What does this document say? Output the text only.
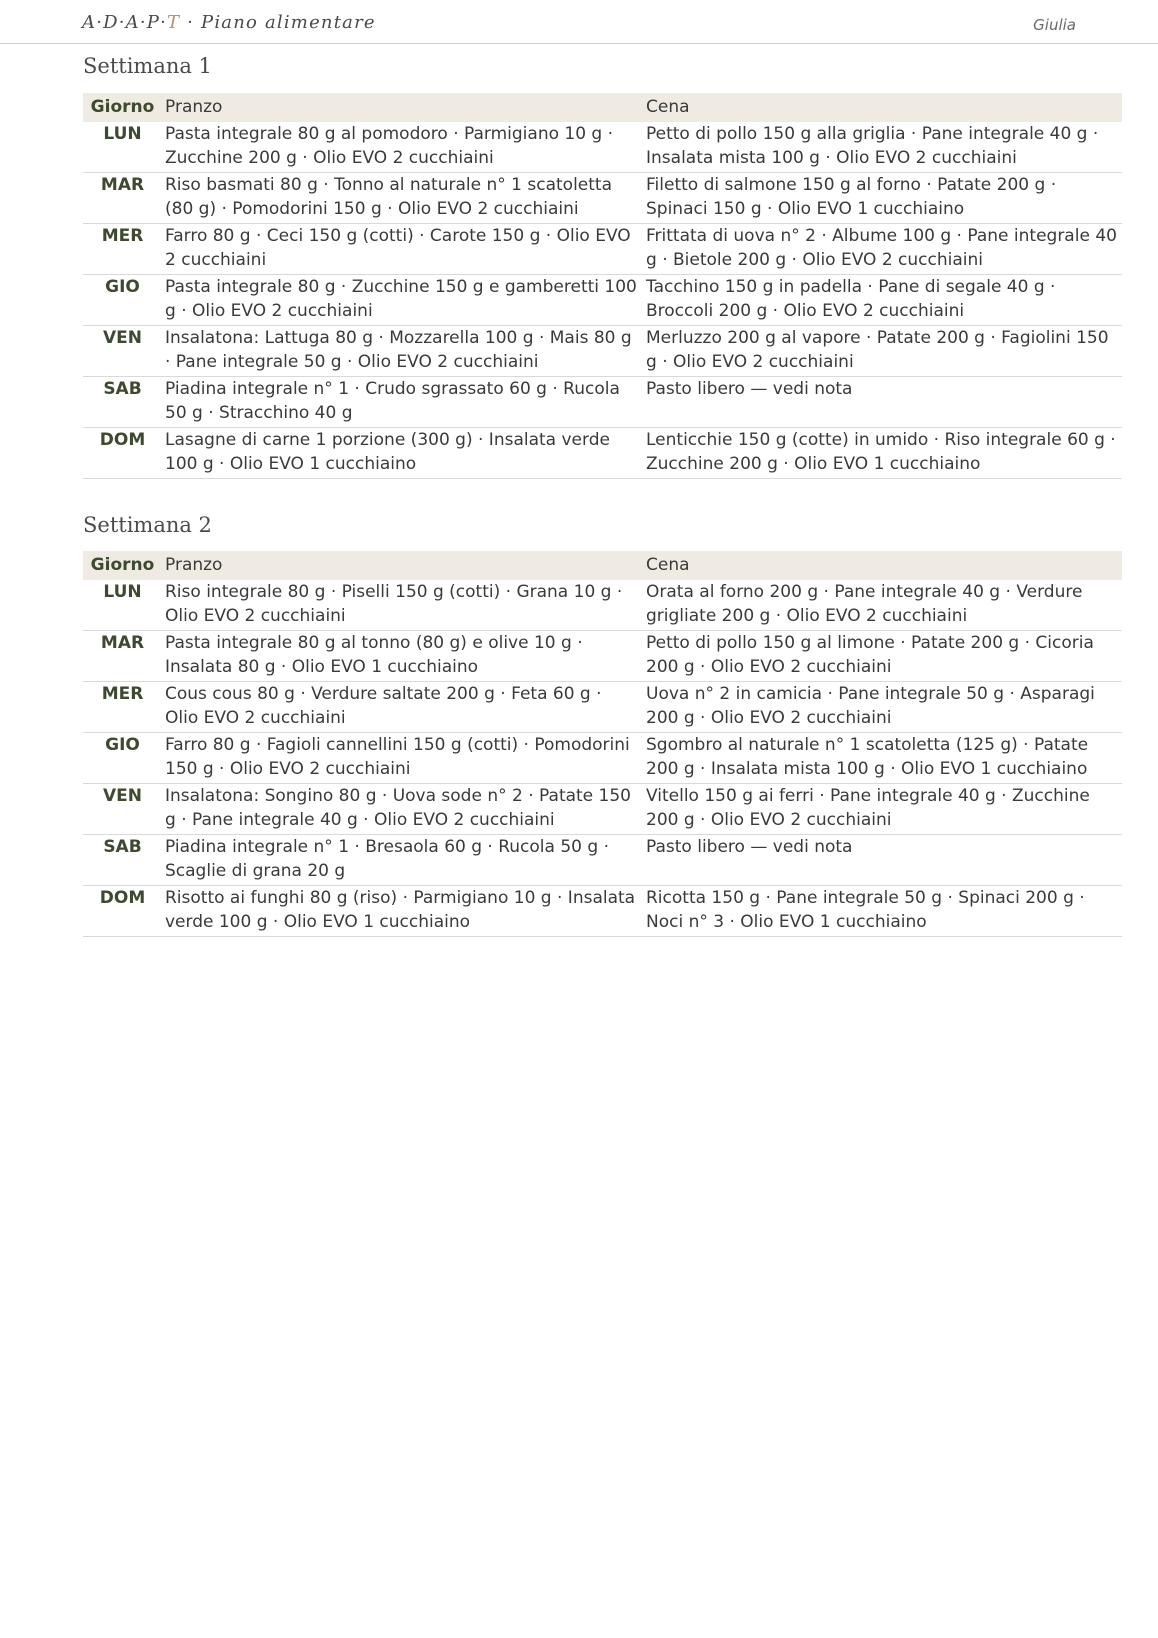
A·D·A·P·T · Piano alimentare	Giulia
Settimana 1
Giorno	Pranzo	Cena
LUN	Pasta integrale 80 g al pomodoro · Parmigiano 10 g · Zucchine 200 g · Olio EVO 2 cucchiaini	Petto di pollo 150 g alla griglia · Pane integrale 40 g · Insalata mista 100 g · Olio EVO 2 cucchiaini
MAR	Riso basmati 80 g · Tonno al naturale n° 1 scatoletta (80 g) · Pomodorini 150 g · Olio EVO 2 cucchiaini	Filetto di salmone 150 g al forno · Patate 200 g · Spinaci 150 g · Olio EVO 1 cucchiaino
MER	Farro 80 g · Ceci 150 g (cotti) · Carote 150 g · Olio EVO 2 cucchiaini	Frittata di uova n° 2 · Albume 100 g · Pane integrale 40 g · Bietole 200 g · Olio EVO 2 cucchiaini
GIO	Pasta integrale 80 g · Zucchine 150 g e gamberetti 100 g · Olio EVO 2 cucchiaini	Tacchino 150 g in padella · Pane di segale 40 g · Broccoli 200 g · Olio EVO 2 cucchiaini
VEN	Insalatona: Lattuga 80 g · Mozzarella 100 g · Mais 80 g · Pane integrale 50 g · Olio EVO 2 cucchiaini	Merluzzo 200 g al vapore · Patate 200 g · Fagiolini 150 g · Olio EVO 2 cucchiaini
SAB	Piadina integrale n° 1 · Crudo sgrassato 60 g · Rucola 50 g · Stracchino 40 g	Pasto libero — vedi nota
DOM	Lasagne di carne 1 porzione (300 g) · Insalata verde 100 g · Olio EVO 1 cucchiaino	Lenticchie 150 g (cotte) in umido · Riso integrale 60 g · Zucchine 200 g · Olio EVO 1 cucchiaino
Settimana 2
Giorno	Pranzo	Cena
LUN	Riso integrale 80 g · Piselli 150 g (cotti) · Grana 10 g · Olio EVO 2 cucchiaini	Orata al forno 200 g · Pane integrale 40 g · Verdure grigliate 200 g · Olio EVO 2 cucchiaini
MAR	Pasta integrale 80 g al tonno (80 g) e olive 10 g · Insalata 80 g · Olio EVO 1 cucchiaino	Petto di pollo 150 g al limone · Patate 200 g · Cicoria 200 g · Olio EVO 2 cucchiaini
MER	Cous cous 80 g · Verdure saltate 200 g · Feta 60 g · Olio EVO 2 cucchiaini	Uova n° 2 in camicia · Pane integrale 50 g · Asparagi 200 g · Olio EVO 2 cucchiaini
GIO	Farro 80 g · Fagioli cannellini 150 g (cotti) · Pomodorini 150 g · Olio EVO 2 cucchiaini	Sgombro al naturale n° 1 scatoletta (125 g) · Patate 200 g · Insalata mista 100 g · Olio EVO 1 cucchiaino
VEN	Insalatona: Songino 80 g · Uova sode n° 2 · Patate 150 g · Pane integrale 40 g · Olio EVO 2 cucchiaini	Vitello 150 g ai ferri · Pane integrale 40 g · Zucchine 200 g · Olio EVO 2 cucchiaini
SAB	Piadina integrale n° 1 · Bresaola 60 g · Rucola 50 g · Scaglie di grana 20 g	Pasto libero — vedi nota
DOM	Risotto ai funghi 80 g (riso) · Parmigiano 10 g · Insalata verde 100 g · Olio EVO 1 cucchiaino	Ricotta 150 g · Pane integrale 50 g · Spinaci 200 g · Noci n° 3 · Olio EVO 1 cucchiaino
